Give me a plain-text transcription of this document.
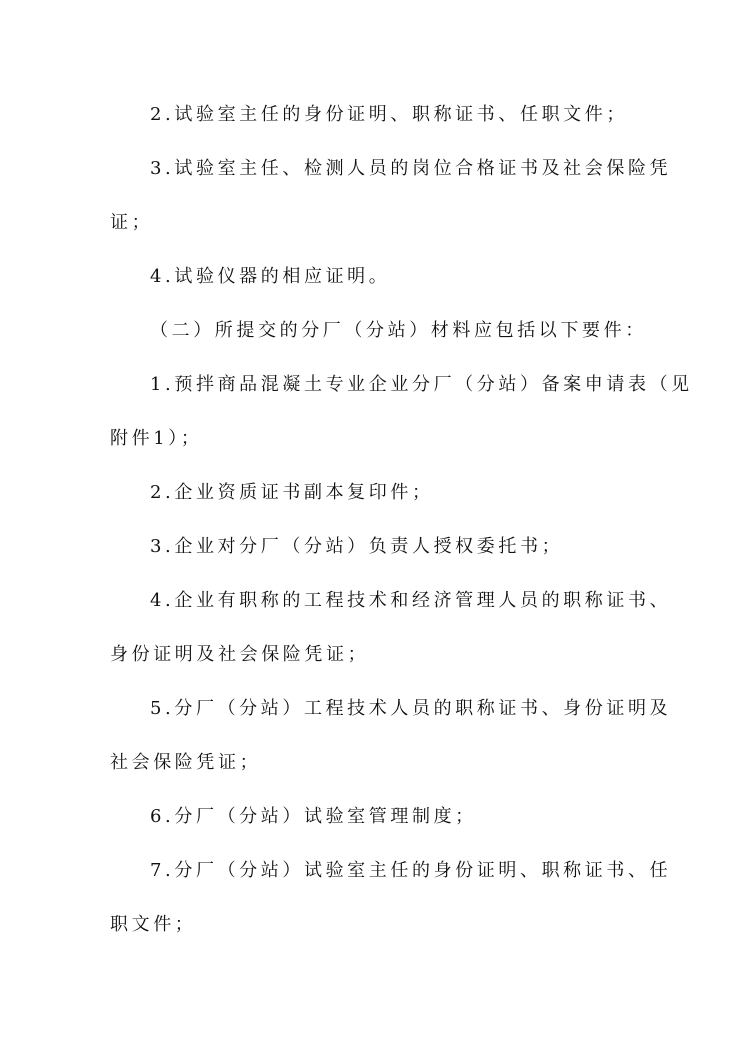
2.试验室主任的身份证明、职称证书、任职文件；

3.试验室主任、检测人员的岗位合格证书及社会保险凭

证；

4.试验仪器的相应证明。

（二）所提交的分厂（分站）材料应包括以下要件：

1.预拌商品混凝土专业企业分厂（分站）备案申请表（见

附件1）；

2.企业资质证书副本复印件；

3.企业对分厂（分站）负责人授权委托书；

4.企业有职称的工程技术和经济管理人员的职称证书、

身份证明及社会保险凭证；

5.分厂（分站）工程技术人员的职称证书、身份证明及

社会保险凭证；

6.分厂（分站）试验室管理制度；

7.分厂（分站）试验室主任的身份证明、职称证书、任

职文件；
